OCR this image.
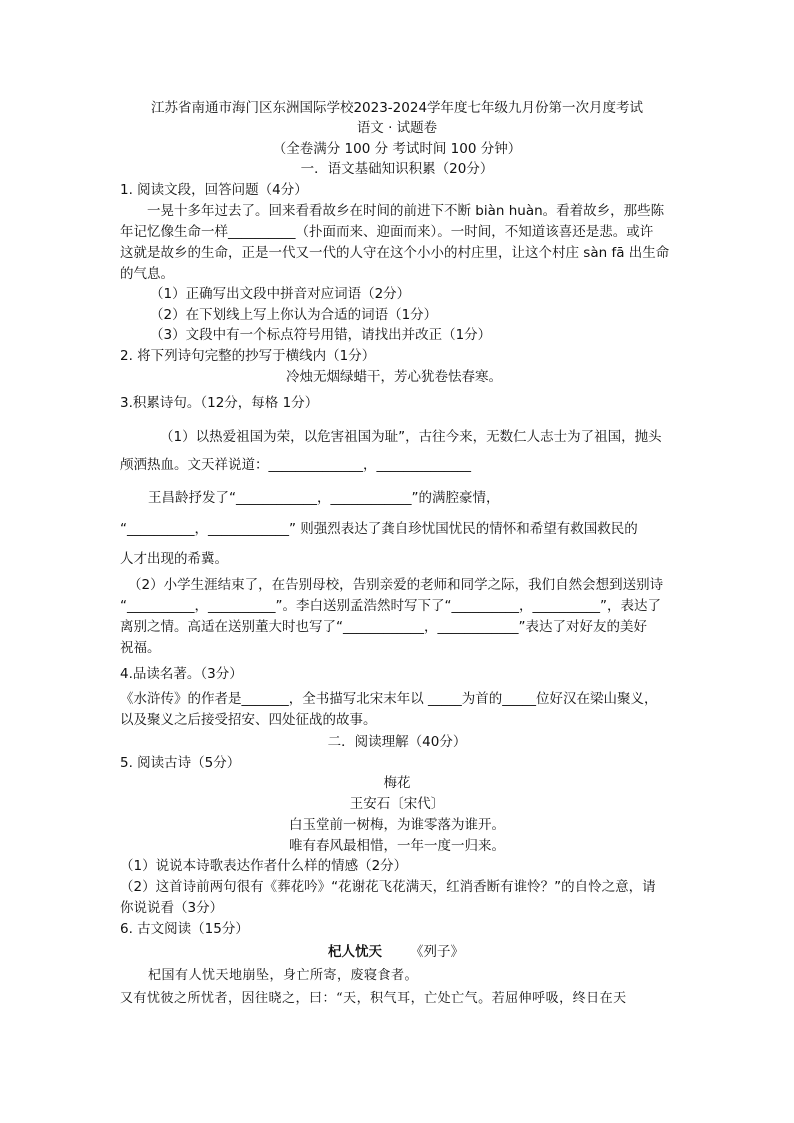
江苏省南通市海门区东洲国际学校2023-2024学年度七年级九月份第一次月度考试
语文 · 试题卷
（全卷满分 100 分 考试时间 100 分钟）
一．语文基础知识积累（20分）
1. 阅读文段，回答问题（4分）
一晃十多年过去了。回来看看故乡在时间的前进下不断 biàn huàn。看着故乡，那些陈
年记忆像生命一样__________（扑面而来、迎面而来）。一时间，不知道该喜还是悲。或许
这就是故乡的生命，正是一代又一代的人守在这个小小的村庄里，让这个村庄 sàn fā 出生命
的气息。
（1）正确写出文段中拼音对应词语（2分）
（2）在下划线上写上你认为合适的词语（1分）
（3）文段中有一个标点符号用错，请找出并改正（1分）
2. 将下列诗句完整的抄写于横线内（1分）
冷烛无烟绿蜡干，芳心犹卷怯春寒。
3.积累诗句。（12分，每格 1分）
（1）以热爱祖国为荣，以危害祖国为耻”，古往今来，无数仁人志士为了祖国，抛头
颅洒热血。文天祥说道：______________，______________
王昌龄抒发了“____________，____________”的满腔豪情，
“__________，____________” 则强烈表达了龚自珍忧国忧民的情怀和希望有救国救民的
人才出现的希冀。
（2）小学生涯结束了，在告别母校，告别亲爱的老师和同学之际，我们自然会想到送别诗
“__________，__________”。李白送别孟浩然时写下了“__________，__________”，表达了
离别之情。高适在送别董大时也写了“____________，____________”表达了对好友的美好
祝福。
4.品读名著。（3分）
《水浒传》的作者是_______，全书描写北宋末年以 _____为首的_____位好汉在梁山聚义，
以及聚义之后接受招安、四处征战的故事。
二．阅读理解（40分）
5. 阅读古诗（5分）
梅花
王安石〔宋代〕
白玉堂前一树梅，为谁零落为谁开。
唯有春风最相惜，一年一度一归来。
（1）说说本诗歌表达作者什么样的情感（2分）
（2）这首诗前两句很有《葬花吟》“花谢花飞花满天，红消香断有谁怜？”的自怜之意，请
你说说看（3分）
6. 古文阅读（15分）
杞人忧天 《列子》
杞国有人忧天地崩坠，身亡所寄，废寝食者。
又有忧彼之所忧者，因往晓之，曰：“天，积气耳，亡处亡气。若屈伸呼吸，终日在天
